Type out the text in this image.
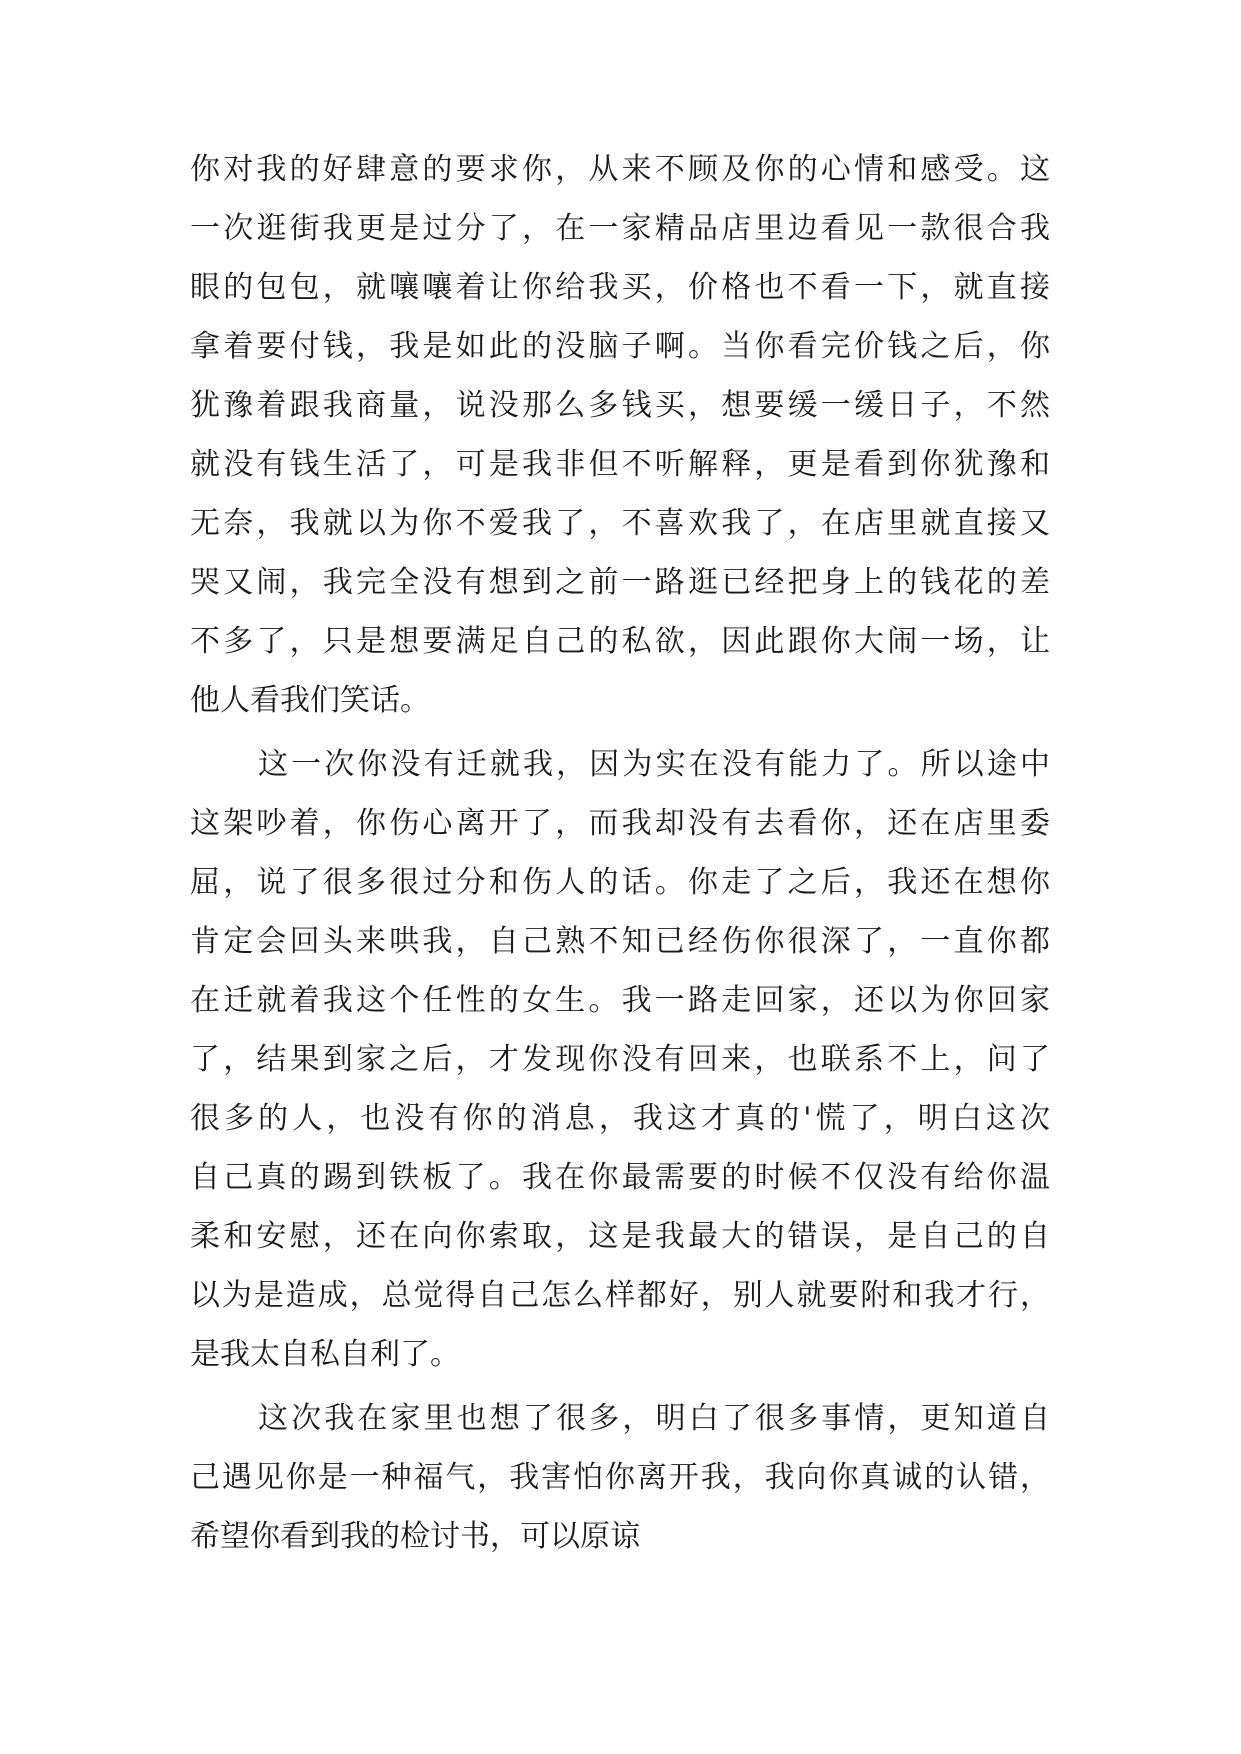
你对我的好肆意的要求你，从来不顾及你的心情和感受。这
一次逛街我更是过分了，在一家精品店里边看见一款很合我
眼的包包，就嚷嚷着让你给我买，价格也不看一下，就直接
拿着要付钱，我是如此的没脑子啊。当你看完价钱之后，你
犹豫着跟我商量，说没那么多钱买，想要缓一缓日子，不然
就没有钱生活了，可是我非但不听解释，更是看到你犹豫和
无奈，我就以为你不爱我了，不喜欢我了，在店里就直接又
哭又闹，我完全没有想到之前一路逛已经把身上的钱花的差
不多了，只是想要满足自己的私欲，因此跟你大闹一场，让
他人看我们笑话。
这一次你没有迁就我，因为实在没有能力了。所以途中
这架吵着，你伤心离开了，而我却没有去看你，还在店里委
屈，说了很多很过分和伤人的话。你走了之后，我还在想你
肯定会回头来哄我，自己熟不知已经伤你很深了，一直你都
在迁就着我这个任性的女生。我一路走回家，还以为你回家
了，结果到家之后，才发现你没有回来，也联系不上，问了
很多的人，也没有你的消息，我这才真的'慌了，明白这次
自己真的踢到铁板了。我在你最需要的时候不仅没有给你温
柔和安慰，还在向你索取，这是我最大的错误，是自己的自
以为是造成，总觉得自己怎么样都好，别人就要附和我才行，
是我太自私自利了。
这次我在家里也想了很多，明白了很多事情，更知道自
己遇见你是一种福气，我害怕你离开我，我向你真诚的认错，
希望你看到我的检讨书，可以原谅
